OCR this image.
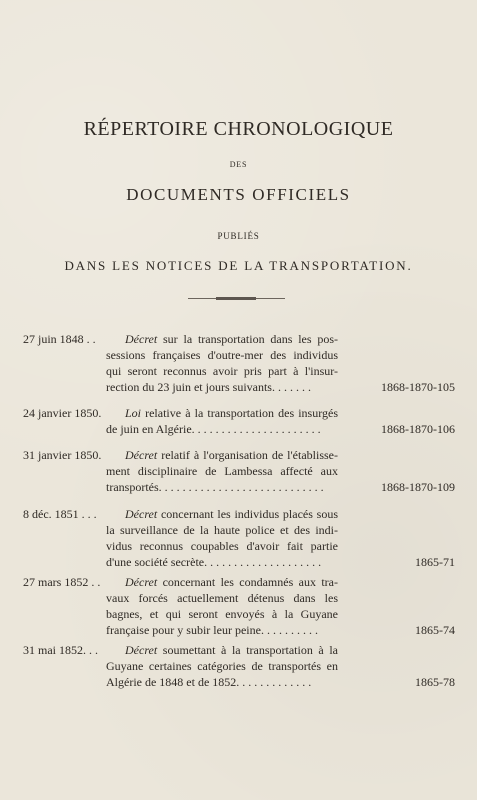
RÉPERTOIRE CHRONOLOGIQUE
DES
DOCUMENTS OFFICIELS
PUBLIÉS
DANS LES NOTICES DE LA TRANSPORTATION.
27 juin 1848 . .	Décret sur la transportation dans les pos-
sessions françaises d'outre-mer des individus
qui seront reconnus avoir pris part à l'insur-
rection du 23 juin et jours suivants. . . . . . .	1868-1870-105
24 janvier 1850.	Loi relative à la transportation des insurgés
de juin en Algérie. . . . . . . . . . . . . . . . . . . . . .	1868-1870-106
31 janvier 1850.	Décret relatif à l'organisation de l'établisse-
ment disciplinaire de Lambessa affecté aux
transportés. . . . . . . . . . . . . . . . . . . . . . . . . . . .	1868-1870-109
8 déc. 1851 . . .	Décret concernant les individus placés sous
la surveillance de la haute police et des indi-
vidus reconnus coupables d'avoir fait partie
d'une société secrète. . . . . . . . . . . . . . . . . . . .	1865-71
27 mars 1852 . .	Décret concernant les condamnés aux tra-
vaux forcés actuellement détenus dans les
bagnes, et qui seront envoyés à la Guyane
française pour y subir leur peine. . . . . . . . . .	1865-74
31 mai 1852. . .	Décret soumettant à la transportation à la
Guyane certaines catégories de transportés en
Algérie de 1848 et de 1852. . . . . . . . . . . . .	1865-78
